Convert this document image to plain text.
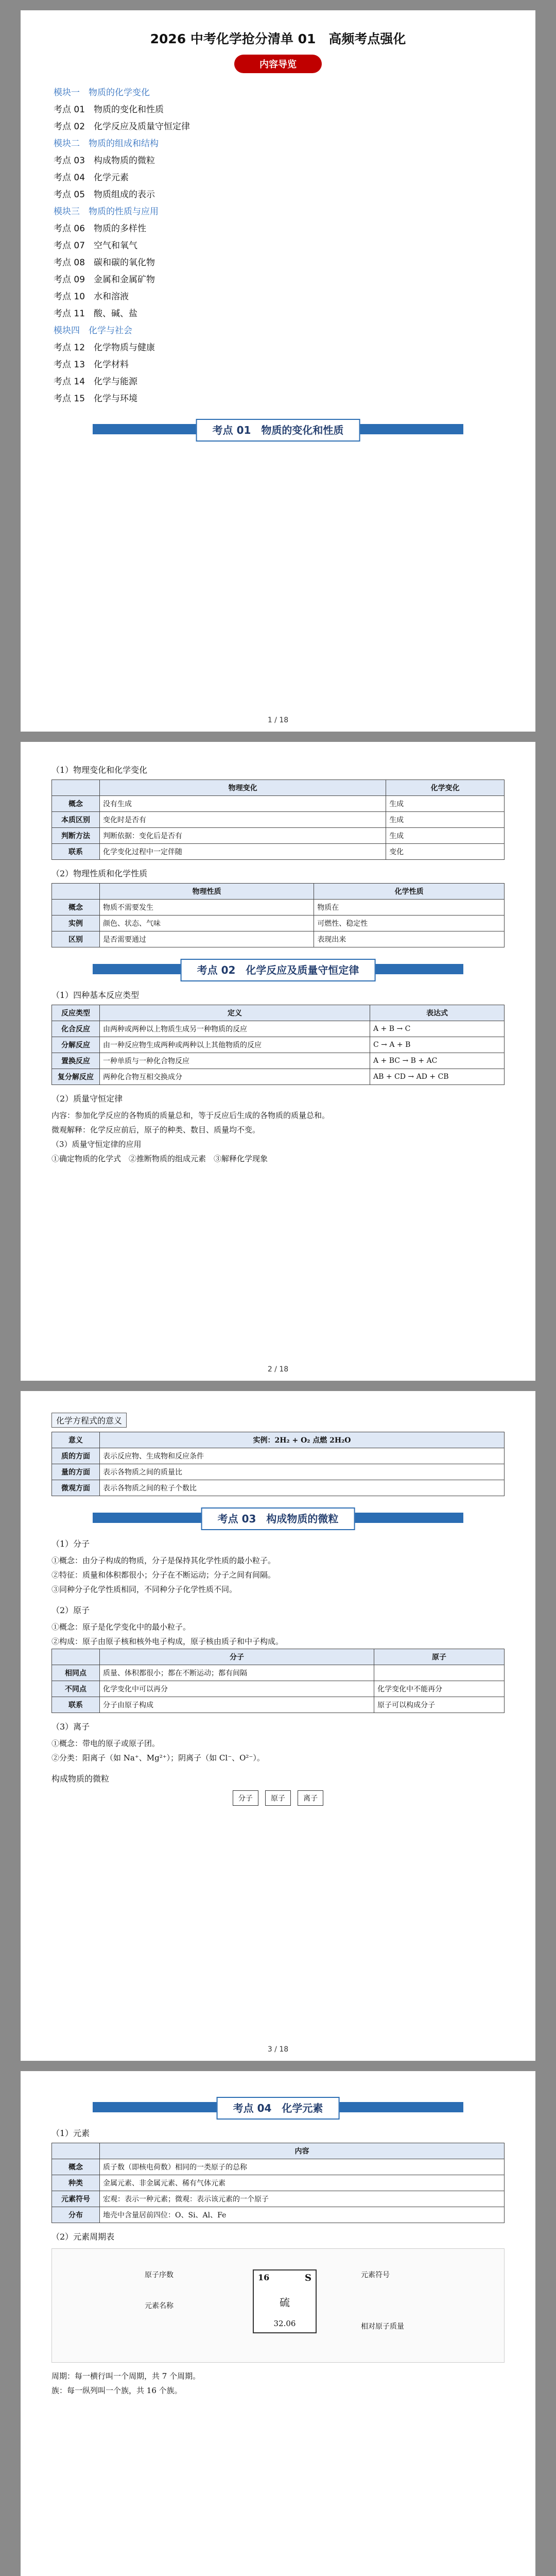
2026 中考化学抢分清单 01　高频考点强化
内容导览
模块一　物质的化学变化
考点 01　物质的变化和性质
考点 02　化学反应及质量守恒定律
模块二　物质的组成和结构
考点 03　构成物质的微粒
考点 04　化学元素
考点 05　物质组成的表示
模块三　物质的性质与应用
考点 06　物质的多样性
考点 07　空气和氧气
考点 08　碳和碳的氧化物
考点 09　金属和金属矿物
考点 10　水和溶液
考点 11　酸、碱、盐
模块四　化学与社会
考点 12　化学物质与健康
考点 13　化学材料
考点 14　化学与能源
考点 15　化学与环境
考点 01　物质的变化和性质
1 / 18
（1）物理变化和化学变化
	物理变化	化学变化
概念	没有生成	生成
本质区别	变化时是否有	生成
判断方法	判断依据：变化后是否有	生成
联系	化学变化过程中一定伴随	变化
（2）物理性质和化学性质
	物理性质	化学性质
概念	物质不需要发生	物质在
实例	颜色、状态、气味	可燃性、稳定性
区别	是否需要通过	表现出来
考点 02　化学反应及质量守恒定律
（1）四种基本反应类型
反应类型	定义	表达式
化合反应	由两种或两种以上物质生成另一种物质的反应	A + B → C
分解反应	由一种反应物生成两种或两种以上其他物质的反应	C → A + B
置换反应	一种单质与一种化合物反应	A + BC → B + AC
复分解反应	两种化合物互相交换成分	AB + CD → AD + CB
（2）质量守恒定律
内容：参加化学反应的各物质的质量总和，等于反应后生成的各物质的质量总和。
微观解释：化学反应前后，原子的种类、数目、质量均不变。
（3）质量守恒定律的应用
①确定物质的化学式　②推断物质的组成元素　③解释化学现象
2 / 18
化学方程式的意义
意义	实例：2H₂ + O₂ 点燃 2H₂O
质的方面	表示反应物、生成物和反应条件
量的方面	表示各物质之间的质量比
微观方面	表示各物质之间的粒子个数比
考点 03　构成物质的微粒
（1）分子
①概念：由分子构成的物质，分子是保持其化学性质的最小粒子。
②特征：质量和体积都很小；分子在不断运动；分子之间有间隔。
③同种分子化学性质相同，不同种分子化学性质不同。
（2）原子
①概念：原子是化学变化中的最小粒子。
②构成：原子由原子核和核外电子构成，原子核由质子和中子构成。
	分子	原子
相同点	质量、体积都很小；都在不断运动；都有间隔	
不同点	化学变化中可以再分	化学变化中不能再分
联系	分子由原子构成	原子可以构成分子
（3）离子
①概念：带电的原子或原子团。
②分类：阳离子（如 Na⁺、Mg²⁺）；阴离子（如 Cl⁻、O²⁻）。
构成物质的微粒
分子	原子	离子
3 / 18
考点 04　化学元素
（1）元素
	内容
概念	质子数（即核电荷数）相同的一类原子的总称
种类	金属元素、非金属元素、稀有气体元素
元素符号	宏观：表示一种元素；微观：表示该元素的一个原子
分布	地壳中含量居前四位：O、Si、Al、Fe
（2）元素周期表
16	S
硫
32.06
原子序数	元素符号
元素名称
相对原子质量
周期：每一横行叫一个周期，共 7 个周期。
族：每一纵列叫一个族，共 16 个族。
